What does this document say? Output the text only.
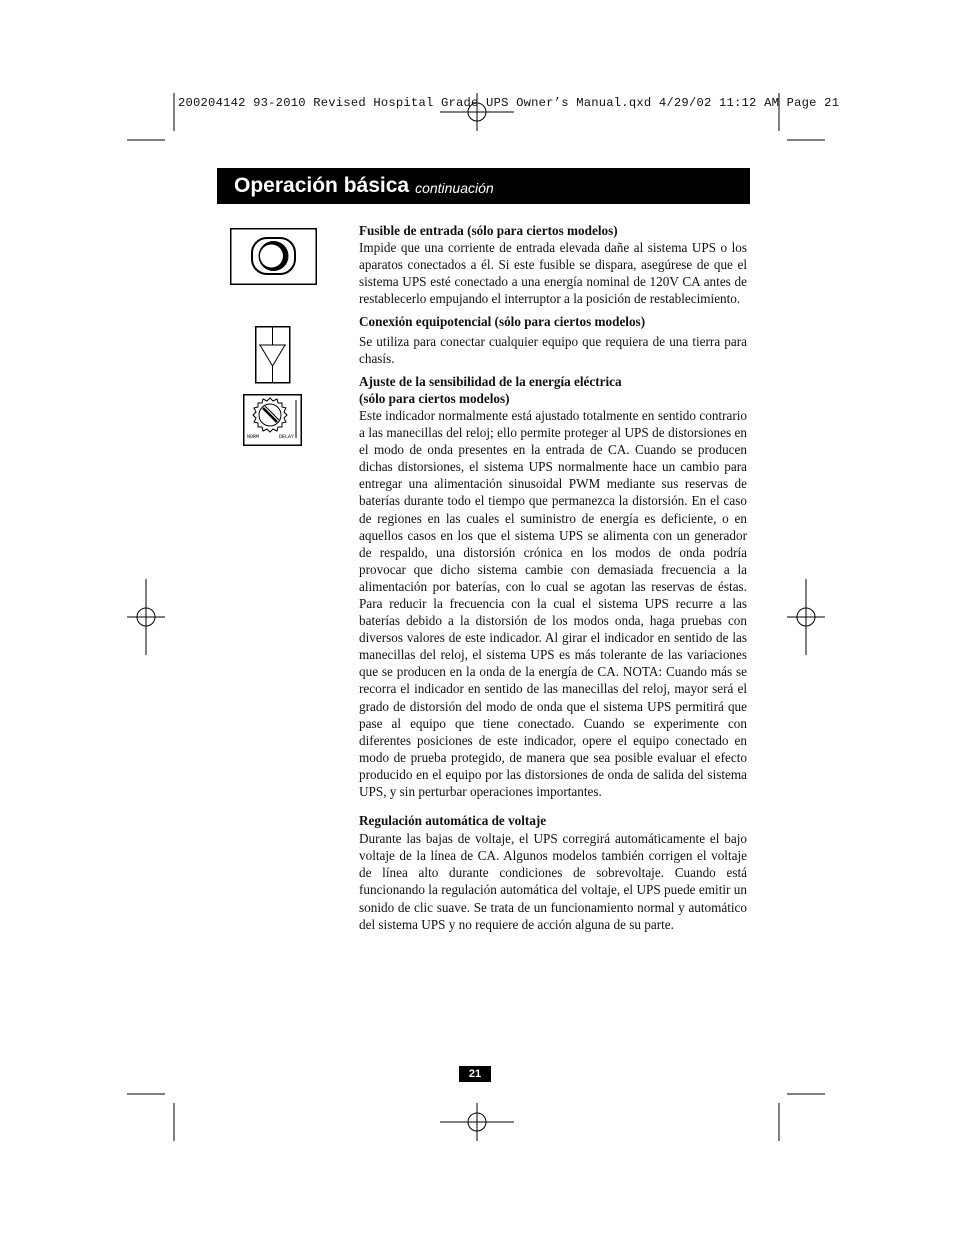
200204142 93-2010 Revised Hospital Grade UPS Owner’s Manual.qxd 4/29/02 11:12 AM Page 21
Operación básica continuación
NORM	DELAY
Fusible de entrada (sólo para ciertos modelos)

Impide que una corriente de entrada elevada dañe al sistema UPS o los aparatos conectados a él. Si este fusible se dispara, asegúrese de que el sistema UPS esté conectado a una energía nominal de 120V CA antes de restablecerlo empujando el interruptor a la posición de restablecimiento.

Conexión equipotencial (sólo para ciertos modelos)

Se utiliza para conectar cualquier equipo que requiera de una tierra para chasís.

Ajuste de la sensibilidad de la energía eléctrica
(sólo para ciertos modelos)

Este indicador normalmente está ajustado totalmente en sentido contrario a las manecillas del reloj; ello permite proteger al UPS de distorsiones en el modo de onda presentes en la entrada de CA. Cuando se producen dichas distorsiones, el sistema UPS normalmente hace un cambio para entregar una alimentación sinusoidal PWM mediante sus reservas de baterías durante todo el tiempo que permanezca la distorsión. En el caso de regiones en las cuales el suministro de energía es deficiente, o en aquellos casos en los que el sistema UPS se alimenta con un generador de respaldo, una distorsión crónica en los modos de onda podría provocar que dicho sistema cambie con demasiada frecuencia a la alimentación por baterías, con lo cual se agotan las reservas de éstas. Para reducir la frecuencia con la cual el sistema UPS recurre a las baterías debido a la distorsión de los modos onda, haga pruebas con diversos valores de este indicador. Al girar el indicador en sentido de las manecillas del reloj, el sistema UPS es más tolerante de las variaciones que se producen en la onda de la energía de CA. NOTA: Cuando más se recorra el indicador en sentido de las manecillas del reloj, mayor será el grado de distorsión del modo de onda que el sistema UPS permitirá que pase al equipo que tiene conectado. Cuando se experimente con diferentes posiciones de este indicador, opere el equipo conectado en modo de prueba protegido, de manera que sea posible evaluar el efecto producido en el equipo por las distorsiones de onda de salida del sistema UPS, y sin perturbar operaciones importantes.

Regulación automática de voltaje

Durante las bajas de voltaje, el UPS corregirá automáticamente el bajo voltaje de la línea de CA. Algunos modelos también corrigen el voltaje de línea alto durante condiciones de sobrevoltaje. Cuando está funcionando la regulación automática del voltaje, el UPS puede emitir un sonido de clic suave. Se trata de un funcionamiento normal y automático del sistema UPS y no requiere de acción alguna de su parte.

21
